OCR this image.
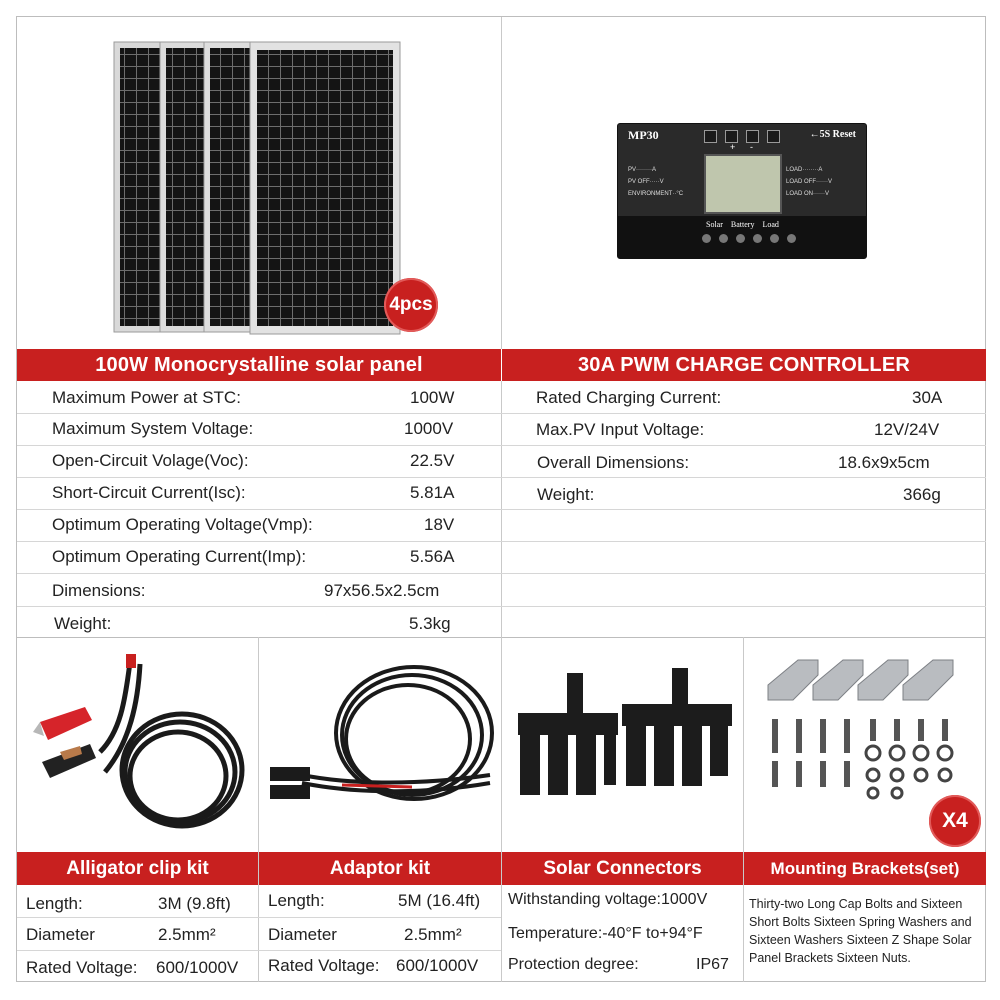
4pcs
MP30	←5S Reset
+ -
PV········A
PV OFF·····V
ENVIRONMENT··°C
LOAD········A
LOAD OFF······V
LOAD ON······V
Solar Battery Load
100W Monocrystalline solar panel	30A PWM CHARGE CONTROLLER
Maximum Power at STC:	100W
Maximum System Voltage:	1000V
Open-Circuit Volage(Voc):	22.5V
Short-Circuit Current(Isc):	5.81A
Optimum Operating Voltage(Vmp):	18V
Optimum Operating Current(Imp):	5.56A
Dimensions:	97x56.5x2.5cm
Weight:	5.3kg
Rated Charging Current:	30A
Max.PV Input Voltage:	12V/24V
Overall Dimensions:	18.6x9x5cm
Weight:	366g
X4
Alligator clip kit	Adaptor kit	Solar Connectors	Mounting Brackets(set)
Length:	3M (9.8ft)
Diameter	2.5mm²
Rated Voltage: 600/1000V
Length:	5M (16.4ft)
Diameter	2.5mm²
Rated Voltage: 600/1000V
Withstanding voltage:1000V
Temperature:-40°F to+94°F
Protection degree:	IP67
Thirty-two Long Cap Bolts and Sixteen Short Bolts Sixteen Spring Washers and Sixteen Washers Sixteen Z Shape Solar Panel Brackets Sixteen Nuts.
